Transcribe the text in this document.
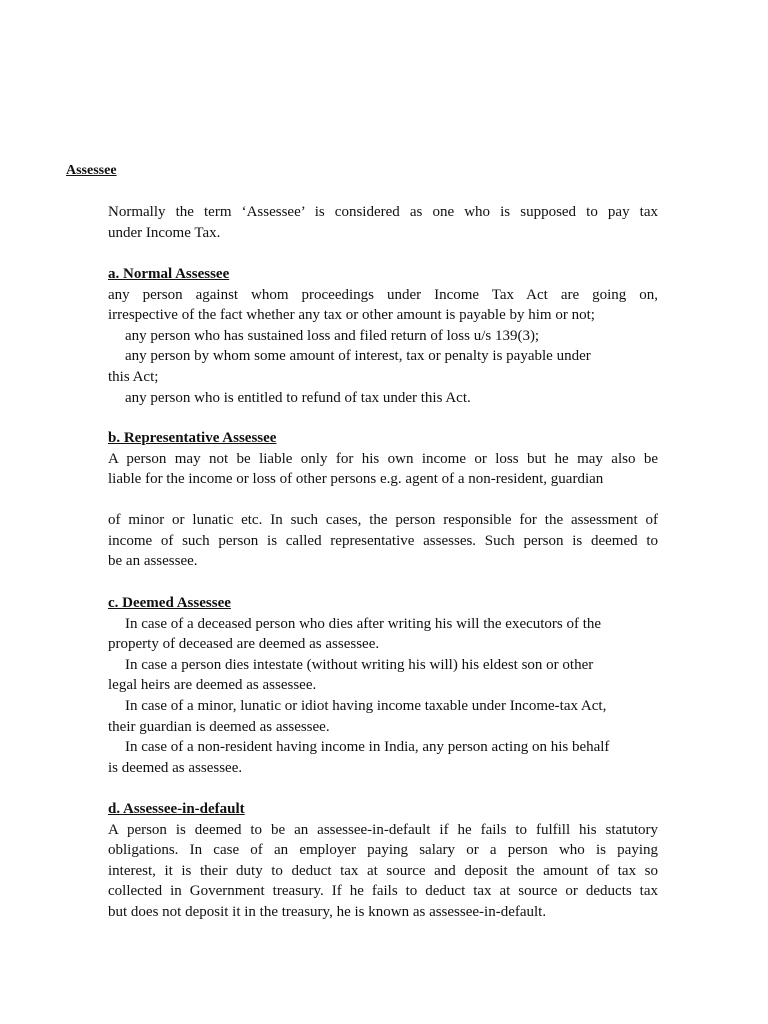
Assessee
Normally the term ‘Assessee’ is considered as one who is supposed to pay tax
under Income Tax.
a. Normal Assessee
any person against whom proceedings under Income Tax Act are going on,
irrespective of the fact whether any tax or other amount is payable by him or not;
any person who has sustained loss and filed return of loss u/s 139(3);
any person by whom some amount of interest, tax or penalty is payable under
this Act;
any person who is entitled to refund of tax under this Act.
b. Representative Assessee
A person may not be liable only for his own income or loss but he may also be
liable for the income or loss of other persons e.g. agent of a non-resident, guardian
of minor or lunatic etc. In such cases, the person responsible for the assessment of
income of such person is called representative assesses. Such person is deemed to
be an assessee.
c. Deemed Assessee
In case of a deceased person who dies after writing his will the executors of the
property of deceased are deemed as assessee.
In case a person dies intestate (without writing his will) his eldest son or other
legal heirs are deemed as assessee.
In case of a minor, lunatic or idiot having income taxable under Income-tax Act,
their guardian is deemed as assessee.
In case of a non-resident having income in India, any person acting on his behalf
is deemed as assessee.
d. Assessee-in-default
A person is deemed to be an assessee-in-default if he fails to fulfill his statutory
obligations. In case of an employer paying salary or a person who is paying
interest, it is their duty to deduct tax at source and deposit the amount of tax so
collected in Government treasury. If he fails to deduct tax at source or deducts tax
but does not deposit it in the treasury, he is known as assessee-in-default.
